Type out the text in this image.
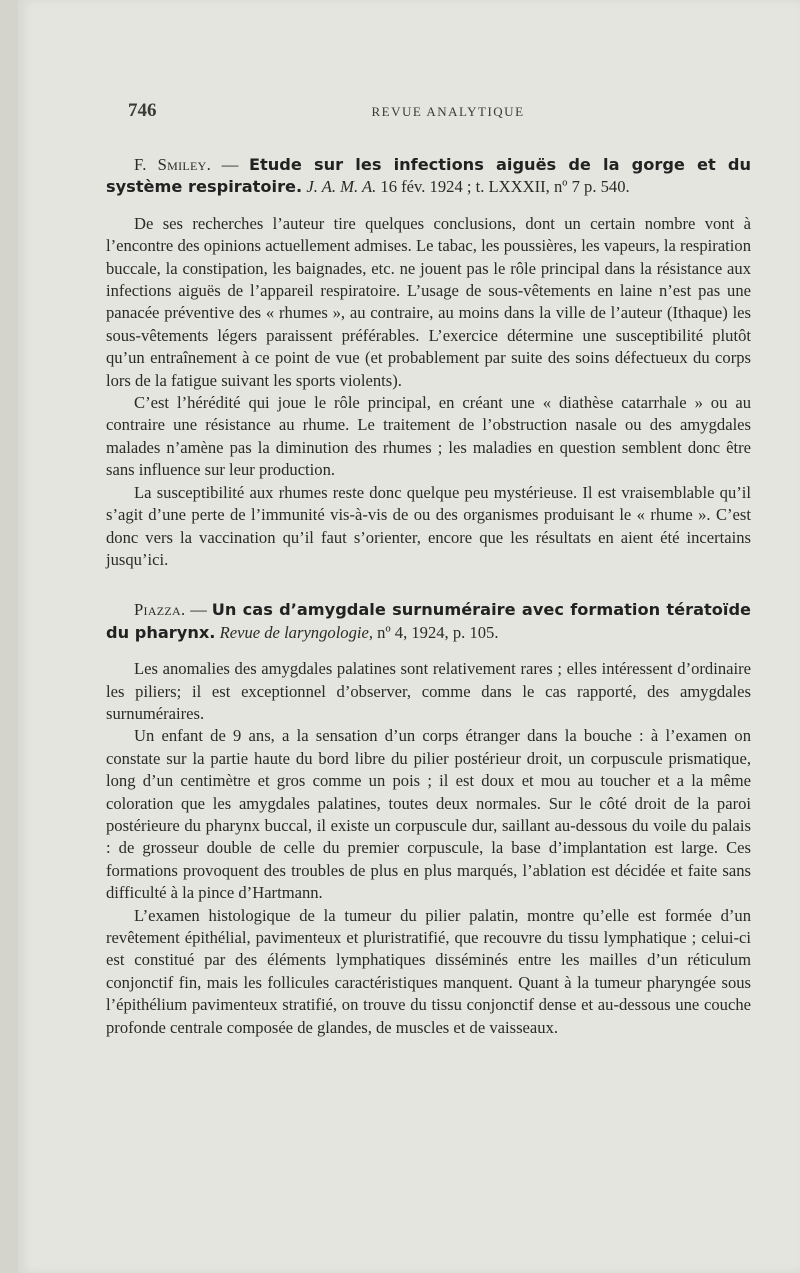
746	REVUE ANALYTIQUE

F. Smiley. — Etude sur les infections aiguës de la gorge et du système respiratoire. J. A. M. A. 16 fév. 1924 ; t. LXXXII, nº 7 p. 540.

De ses recherches l’auteur tire quelques conclusions, dont un certain nombre vont à l’encontre des opinions actuellement admises. Le tabac, les poussières, les vapeurs, la respiration buccale, la constipation, les baignades, etc. ne jouent pas le rôle principal dans la résistance aux infections aiguës de l’appareil respiratoire. L’usage de sous-vêtements en laine n’est pas une panacée préventive des « rhumes », au contraire, au moins dans la ville de l’auteur (Ithaque) les sous-vêtements légers paraissent préférables. L’exercice détermine une susceptibilité plutôt qu’un entraînement à ce point de vue (et probablement par suite des soins défectueux du corps lors de la fatigue suivant les sports violents).

C’est l’hérédité qui joue le rôle principal, en créant une « diathèse catarrhale » ou au contraire une résistance au rhume. Le traitement de l’obstruction nasale ou des amygdales malades n’amène pas la diminution des rhumes ; les maladies en question semblent donc être sans influence sur leur production.

La susceptibilité aux rhumes reste donc quelque peu mystérieuse. Il est vraisemblable qu’il s’agit d’une perte de l’immunité vis-à-vis de ou des organismes produisant le « rhume ». C’est donc vers la vaccination qu’il faut s’orienter, encore que les résultats en aient été incertains jusqu’ici.

Piazza. — Un cas d’amygdale surnuméraire avec formation tératoïde du pharynx. Revue de laryngologie, nº 4, 1924, p. 105.

Les anomalies des amygdales palatines sont relativement rares ; elles intéressent d’ordinaire les piliers; il est exceptionnel d’observer, comme dans le cas rapporté, des amygdales surnuméraires.

Un enfant de 9 ans, a la sensation d’un corps étranger dans la bouche : à l’examen on constate sur la partie haute du bord libre du pilier postérieur droit, un corpuscule prismatique, long d’un centimètre et gros comme un pois ; il est doux et mou au toucher et a la même coloration que les amygdales palatines, toutes deux normales. Sur le côté droit de la paroi postérieure du pharynx buccal, il existe un corpuscule dur, saillant au-dessous du voile du palais : de grosseur double de celle du premier corpuscule, la base d’implantation est large. Ces formations provoquent des troubles de plus en plus marqués, l’ablation est décidée et faite sans difficulté à la pince d’Hartmann.

L’examen histologique de la tumeur du pilier palatin, montre qu’elle est formée d’un revêtement épithélial, pavimenteux et pluristratifié, que recouvre du tissu lymphatique ; celui-ci est constitué par des éléments lymphatiques disséminés entre les mailles d’un réticulum conjonctif fin, mais les follicules caractéristiques manquent. Quant à la tumeur pharyngée sous l’épithélium pavimenteux stratifié, on trouve du tissu conjonctif dense et au-dessous une couche profonde centrale composée de glandes, de muscles et de vaisseaux.
